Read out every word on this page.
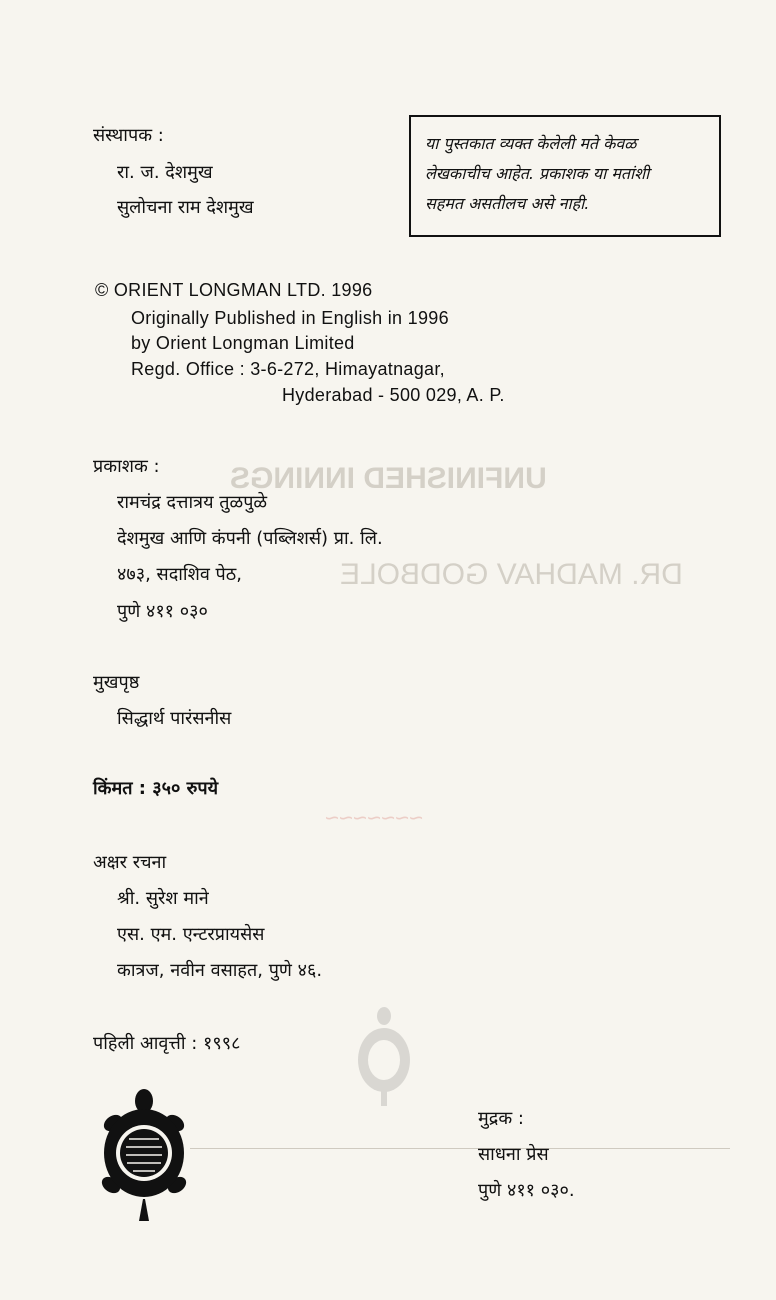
UNFINISHED INNINGS
DR. MADHAV GODBOLE
~~~~~~~
संस्थापक :
रा. ज. देशमुख
सुलोचना राम देशमुख
या पुस्तकात व्यक्त केलेली मते केवळ
लेखकाचीच आहेत. प्रकाशक या मतांशी
सहमत असतीलच असे नाही.
© ORIENT LONGMAN LTD. 1996
Originally Published in English in 1996
by Orient Longman Limited
Regd. Office : 3-6-272, Himayatnagar,
Hyderabad - 500 029, A. P.
प्रकाशक :
रामचंद्र दत्तात्रय तुळपुळे
देशमुख आणि कंपनी (पब्लिशर्स) प्रा. लि.
४७३, सदाशिव पेठ,
पुणे ४११ ०३०
मुखपृष्ठ
सिद्धार्थ पारंसनीस
किंमत : ३५० रुपये
अक्षर रचना
श्री. सुरेश माने
एस. एम. एन्टरप्रायसेस
कात्रज, नवीन वसाहत, पुणे ४६.
पहिली आवृत्ती : १९९८
मुद्रक :
साधना प्रेस
पुणे ४११ ०३०.
